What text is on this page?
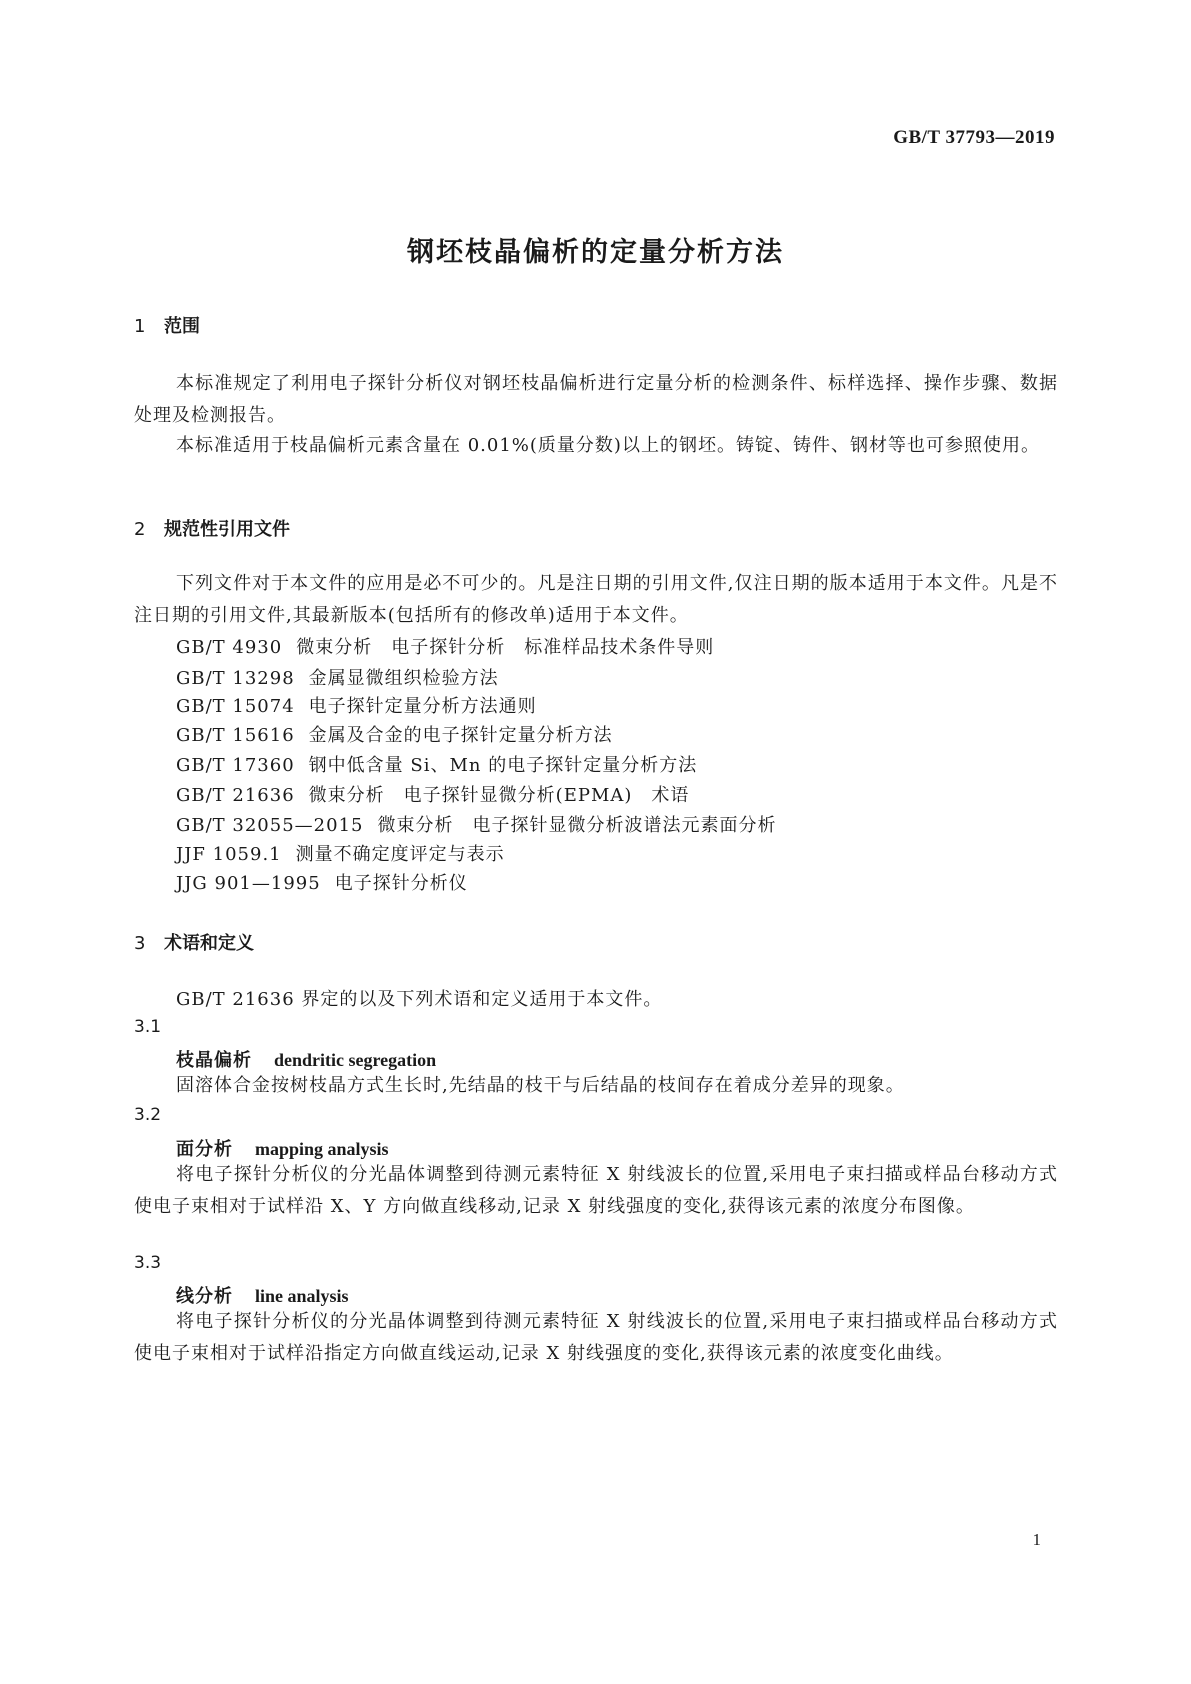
GB/T 37793—2019
钢坯枝晶偏析的定量分析方法
1 范围
本标准规定了利用电子探针分析仪对钢坯枝晶偏析进行定量分析的检测条件、标样选择、操作步骤、数据处理及检测报告。
本标准适用于枝晶偏析元素含量在 0.01%(质量分数)以上的钢坯。铸锭、铸件、钢材等也可参照使用。
2 规范性引用文件
下列文件对于本文件的应用是必不可少的。凡是注日期的引用文件,仅注日期的版本适用于本文件。凡是不注日期的引用文件,其最新版本(包括所有的修改单)适用于本文件。
GB/T 4930 微束分析　电子探针分析　标准样品技术条件导则
GB/T 13298 金属显微组织检验方法
GB/T 15074 电子探针定量分析方法通则
GB/T 15616 金属及合金的电子探针定量分析方法
GB/T 17360 钢中低含量 Si、Mn 的电子探针定量分析方法
GB/T 21636 微束分析　电子探针显微分析(EPMA)　术语
GB/T 32055—2015 微束分析　电子探针显微分析波谱法元素面分析
JJF 1059.1 测量不确定度评定与表示
JJG 901—1995 电子探针分析仪
3 术语和定义
GB/T 21636 界定的以及下列术语和定义适用于本文件。
3.1
枝晶偏析 dendritic segregation
固溶体合金按树枝晶方式生长时,先结晶的枝干与后结晶的枝间存在着成分差异的现象。
3.2
面分析 mapping analysis
将电子探针分析仪的分光晶体调整到待测元素特征 X 射线波长的位置,采用电子束扫描或样品台移动方式使电子束相对于试样沿 X、Y 方向做直线移动,记录 X 射线强度的变化,获得该元素的浓度分布图像。
3.3
线分析 line analysis
将电子探针分析仪的分光晶体调整到待测元素特征 X 射线波长的位置,采用电子束扫描或样品台移动方式使电子束相对于试样沿指定方向做直线运动,记录 X 射线强度的变化,获得该元素的浓度变化曲线。
1
